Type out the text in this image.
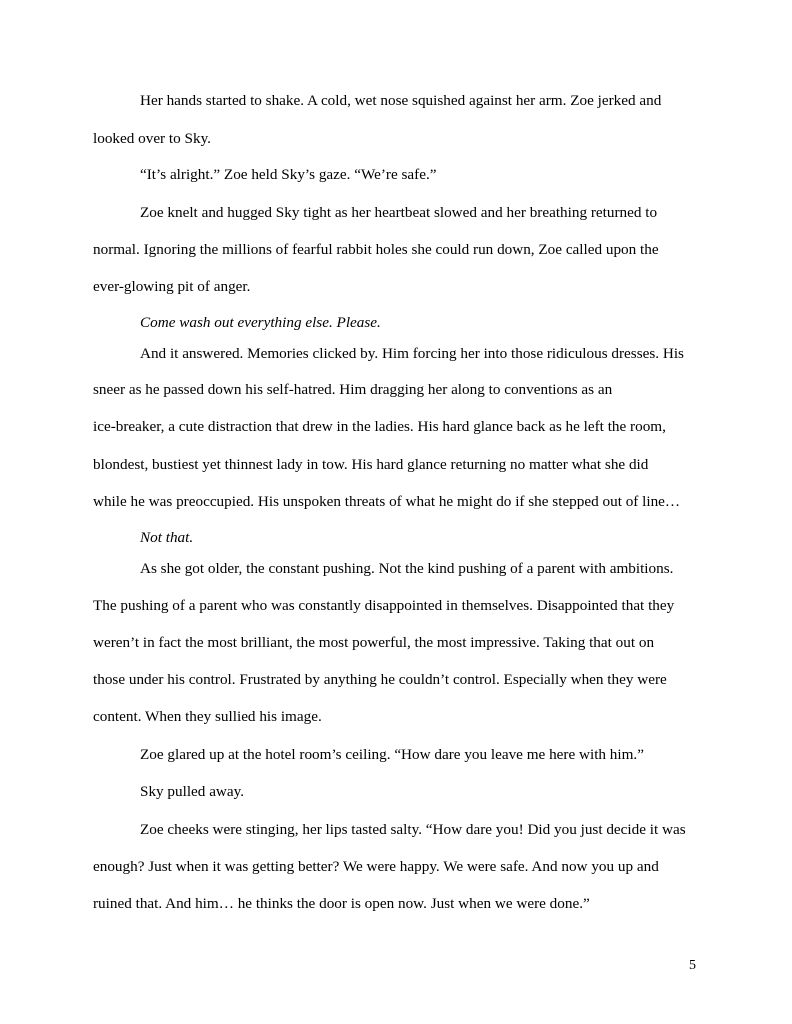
Her hands started to shake. A cold, wet nose squished against her arm. Zoe jerked and

looked over to Sky.

“It’s alright.” Zoe held Sky’s gaze. “We’re safe.”

Zoe knelt and hugged Sky tight as her heartbeat slowed and her breathing returned to

normal. Ignoring the millions of fearful rabbit holes she could run down, Zoe called upon the

ever-glowing pit of anger.

Come wash out everything else. Please.

And it answered. Memories clicked by. Him forcing her into those ridiculous dresses. His

sneer as he passed down his self-hatred. Him dragging her along to conventions as an

ice-breaker, a cute distraction that drew in the ladies. His hard glance back as he left the room,

blondest, bustiest yet thinnest lady in tow. His hard glance returning no matter what she did

while he was preoccupied. His unspoken threats of what he might do if she stepped out of line…

Not that.

As she got older, the constant pushing. Not the kind pushing of a parent with ambitions.

The pushing of a parent who was constantly disappointed in themselves. Disappointed that they

weren’t in fact the most brilliant, the most powerful, the most impressive. Taking that out on

those under his control. Frustrated by anything he couldn’t control. Especially when they were

content. When they sullied his image.

Zoe glared up at the hotel room’s ceiling. “How dare you leave me here with him.”

Sky pulled away.

Zoe cheeks were stinging, her lips tasted salty. “How dare you! Did you just decide it was

enough? Just when it was getting better? We were happy. We were safe. And now you up and

ruined that. And him… he thinks the door is open now. Just when we were done.”

5
